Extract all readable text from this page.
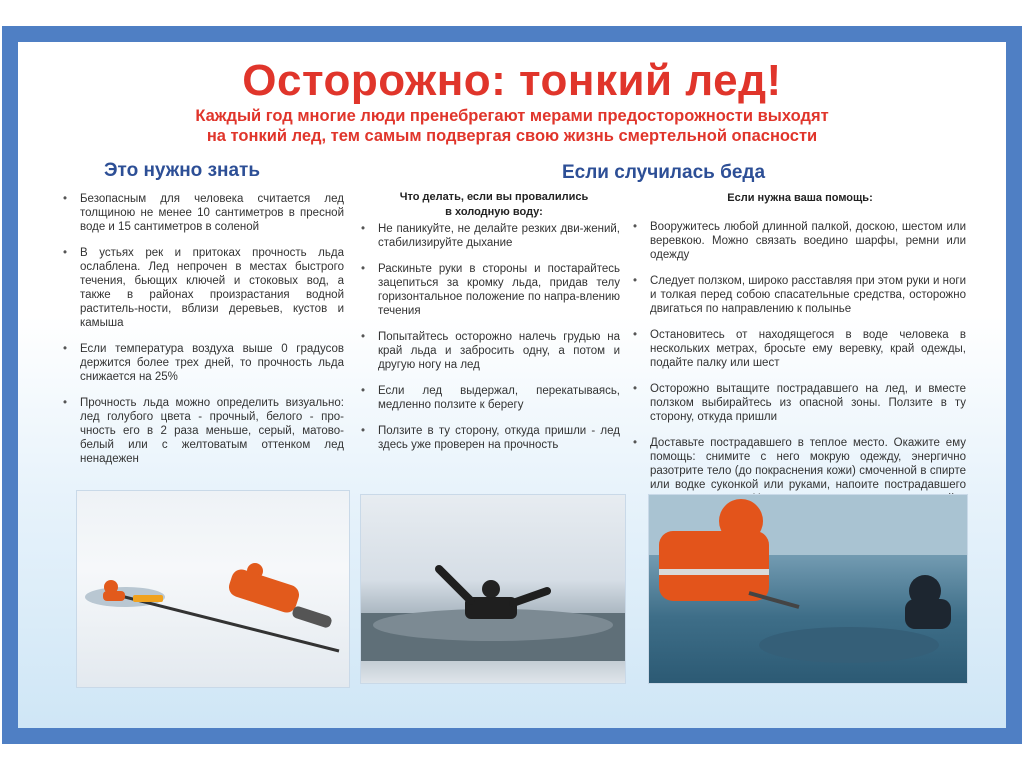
Осторожно: тонкий лед!
Каждый год многие люди пренебрегают мерами предосторожности выходят
на тонкий лед, тем самым подвергая свою жизнь смертельной опасности
Это нужно знать	Если случилась беда
Что делать, если вы провалились
в холодную воду:
Если нужна ваша помощь:
• Безопасным для человека считается лед толщиною не менее 10 сантиметров в пресной воде и 15 сантиметров в соленой
• В устьях рек и притоках прочность льда ослаблена. Лед непрочен в местах быстрого течения, бьющих ключей и стоковых вод, а также в районах произрастания водной раститель-ности, вблизи деревьев, кустов и камыша
• Если температура воздуха выше 0 градусов держится более трех дней, то прочность льда снижается на 25%
• Прочность льда можно определить визуально: лед голубого цвета - прочный, белого - про-чность его в 2 раза меньше, серый, матово-белый или с желтоватым оттенком лед ненадежен
• Не паникуйте, не делайте резких дви-жений, стабилизируйте дыхание
• Раскиньте руки в стороны и постарайтесь зацепиться за кромку льда, придав телу горизонтальное положение по напра-влению течения
• Попытайтесь осторожно налечь грудью на край льда и забросить одну, а потом и другую ногу на лед
• Если лед выдержал, перекатываясь, медленно ползите к берегу
• Ползите в ту сторону, откуда пришли - лед здесь уже проверен на прочность
• Вооружитесь любой длинной палкой, доскою, шестом или веревкою. Можно связать воедино шарфы, ремни или одежду
• Следует ползком, широко расставляя при этом руки и ноги и толкая перед собою спасательные средства, осторожно двигаться по направлению к полынье
• Остановитесь от находящегося в воде человека в нескольких метрах, бросьте ему веревку, край одежды, подайте палку или шест
• Осторожно вытащите пострадавшего на лед, и вместе ползком выбирайтесь из опасной зоны. Ползите в ту сторону, откуда пришли
• Доставьте пострадавшего в теплое место. Окажите ему помощь: снимите с него мокрую одежду, энергично разотрите тело (до покраснения кожи) смоченной в спирте или водке суконкой или руками, напоите пострадавшего
